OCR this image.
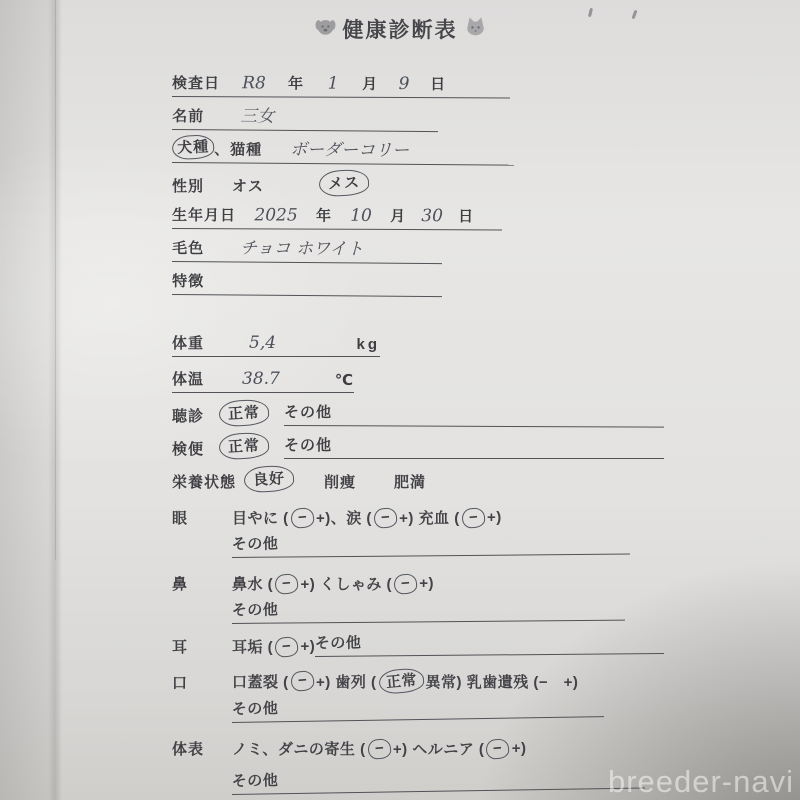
健康診断表
検査日	R8	年	1	月	9	日
名前 三女
犬種 、 猫種 ボーダーコリー
性別 オス	メス
生年月日	2025	年	10	月 30	日
毛色 チョコ ホワイト
特徴
体重	5,4	kg
体温 38.7	℃
聴診	正常	その他
検便	正常	その他
栄養状態	良好	削痩	肥満
眼	目やに ( − +)、涙 ( − +) 充血 ( − +)
その他
鼻	鼻水 ( − +) くしゃみ ( − +)
その他
耳	耳垢 ( − +) その他
口	口蓋裂 ( − +) 歯列 ( 正常 異常) 乳歯遺残 (−　+)
その他
体表	ノミ、ダニの寄生 ( − +) ヘルニア ( − +)
その他	breeder-navi
